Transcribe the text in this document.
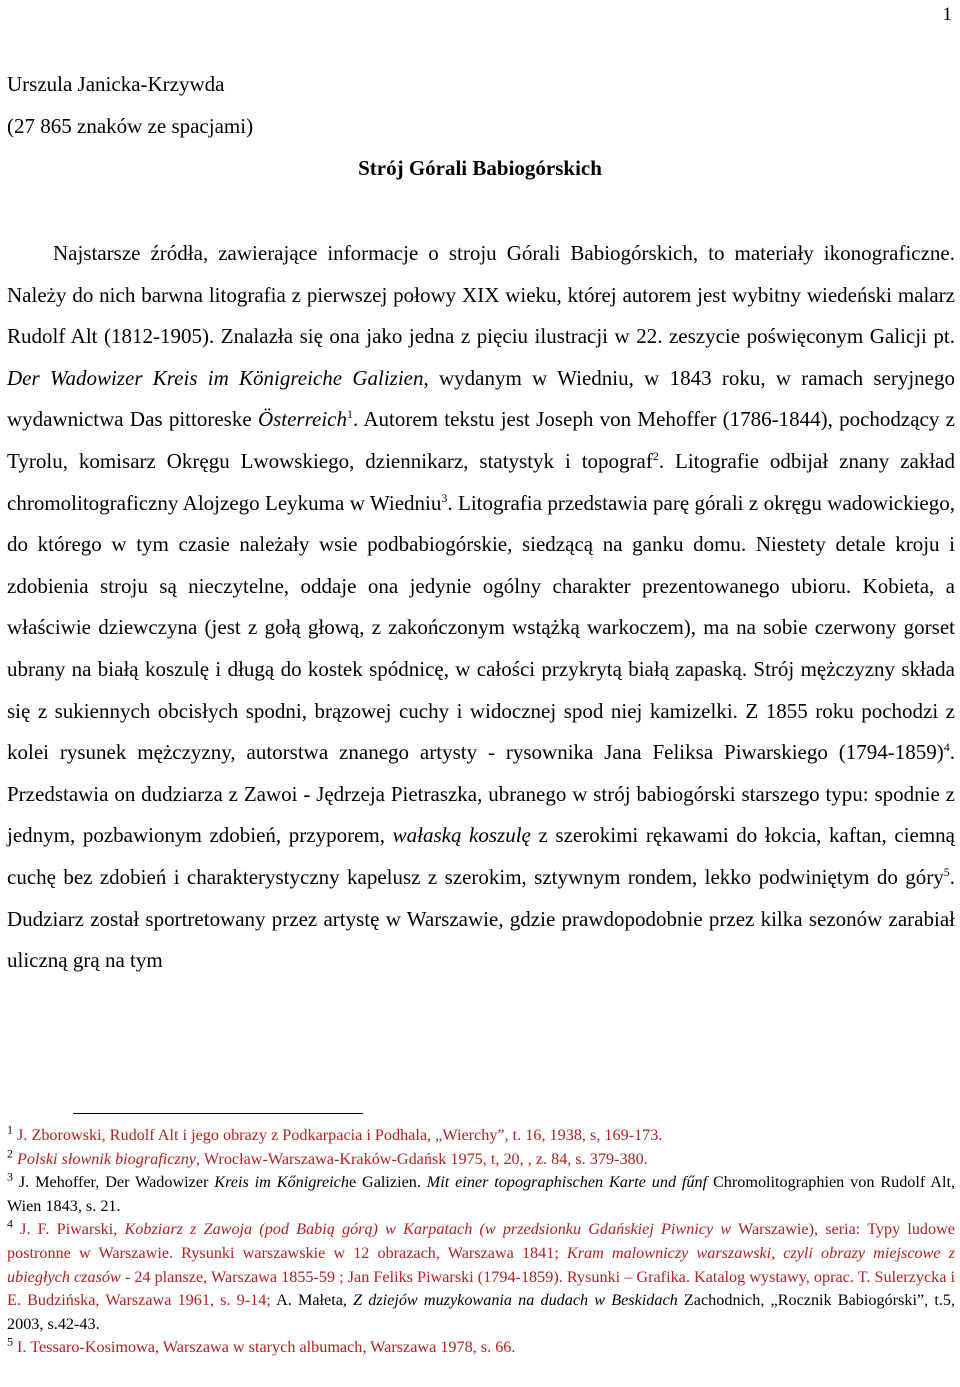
1
Urszula Janicka-Krzywda
(27 865 znaków ze spacjami)
Strój Górali Babiogórskich
Najstarsze źródła, zawierające informacje o stroju Górali Babiogórskich, to materiały ikonograficzne. Należy do nich barwna litografia z pierwszej połowy XIX wieku, której autorem jest wybitny wiedeński malarz Rudolf Alt (1812-1905). Znalazła się ona jako jedna z pięciu ilustracji w 22. zeszycie poświęconym Galicji pt. Der Wadowizer Kreis im Königreiche Galizien, wydanym w Wiedniu, w 1843 roku, w ramach seryjnego wydawnictwa Das pittoreske Österreich$^1$. Autorem tekstu jest Joseph von Mehoffer (1786-1844), pochodzący z Tyrolu, komisarz Okręgu Lwowskiego, dziennikarz, statystyk i topograf$^2$. Litografie odbijał znany zakład chromolitograficzny Alojzego Leykuma w Wiedniu$^3$. Litografia przedstawia parę górali z okręgu wadowickiego, do którego w tym czasie należały wsie podbabiogórskie, siedzącą na ganku domu. Niestety detale kroju i zdobienia stroju są nieczytelne, oddaje ona jedynie ogólny charakter prezentowanego ubioru. Kobieta, a właściwie dziewczyna (jest z gołą głową, z zakończonym wstążką warkoczem), ma na sobie czerwony gorset ubrany na białą koszulę i długą do kostek spódnicę, w całości przykrytą białą zapaską. Strój mężczyzny składa się z sukiennych obcisłych spodni, brązowej cuchy i widocznej spod niej kamizelki. Z 1855 roku pochodzi z kolei rysunek mężczyzny, autorstwa znanego artysty - rysownika Jana Feliksa Piwarskiego (1794-1859)$^4$. Przedstawia on dudziarza z Zawoi - Jędrzeja Pietraszka, ubranego w strój babiogórski starszego typu: spodnie z jednym, pozbawionym zdobień, przyporem, wałaską koszulę z szerokimi rękawami do łokcia, kaftan, ciemną cuchę bez zdobień i charakterystyczny kapelusz z szerokim, sztywnym rondem, lekko podwiniętym do góry$^5$. Dudziarz został sportretowany przez artystę w Warszawie, gdzie prawdopodobnie przez kilka sezonów zarabiał uliczną grą na tym
$^1$ J. Zborowski, Rudolf Alt i jego obrazy z Podkarpacia i Podhala, „Wierchy”, t. 16, 1938, s, 169-173.
$^2$ Polski słownik biograficzny, Wrocław-Warszawa-Kraków-Gdańsk 1975, t, 20, , z. 84, s. 379-380.
$^3$ J. Mehoffer, Der Wadowizer Kreis im Kőnigreiche Galizien. Mit einer topographischen Karte und fűnf Chromolitographien von Rudolf Alt, Wien 1843, s. 21.
$^4$ J. F. Piwarski, Kobziarz z Zawoja (pod Babią górą) w Karpatach (w przedsionku Gdańskiej Piwnicy w Warszawie), seria: Typy ludowe postronne w Warszawie. Rysunki warszawskie w 12 obrazach, Warszawa 1841; Kram malowniczy warszawski, czyli obrazy miejscowe z ubiegłych czasów - 24 plansze, Warszawa 1855-59 ; Jan Feliks Piwarski (1794-1859). Rysunki – Grafika. Katalog wystawy, oprac. T. Sulerzycka i E. Budzińska, Warszawa 1961, s. 9-14; A. Małeta, Z dziejów muzykowania na dudach w Beskidach Zachodnich, „Rocznik Babiogórski”, t.5, 2003, s.42-43.
$^5$ I. Tessaro-Kosimowa, Warszawa w starych albumach, Warszawa 1978, s. 66.
